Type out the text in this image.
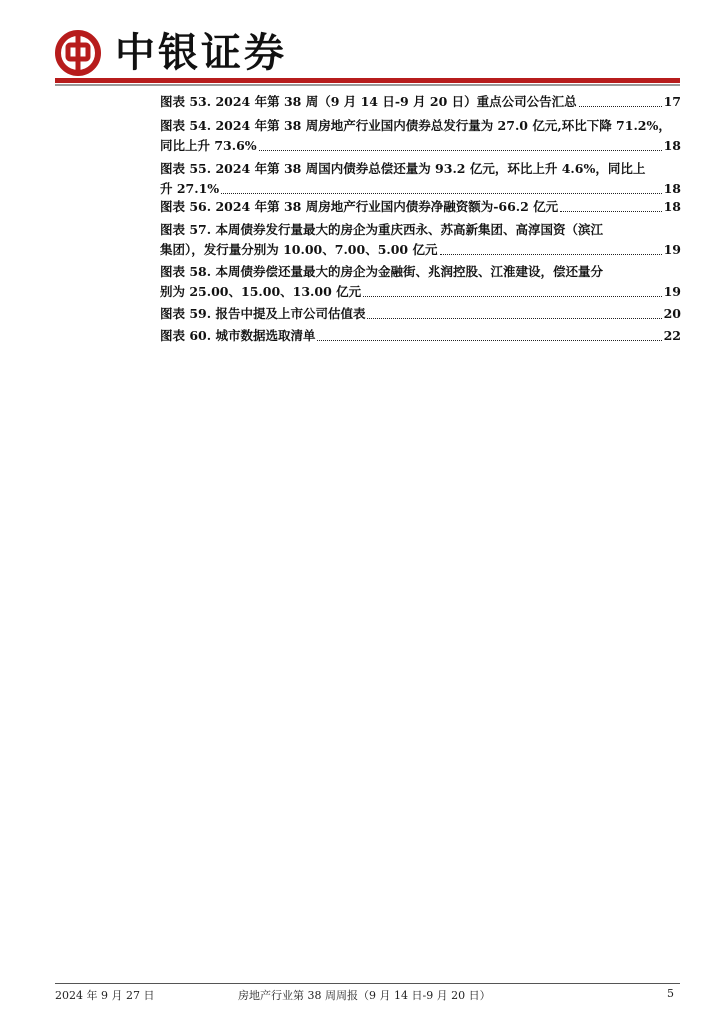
中银证券
图表 53. 2024 年第 38 周（9 月 14 日-9 月 20 日）重点公司公告汇总	17
图表 54. 2024 年第 38 周房地产行业国内债券总发行量为 27.0 亿元,环比下降 71.2%，
同比上升 73.6%	18
图表 55. 2024 年第 38 周国内债券总偿还量为 93.2 亿元，环比上升 4.6%，同比上
升 27.1%	18
图表 56. 2024 年第 38 周房地产行业国内债券净融资额为-66.2 亿元	18
图表 57. 本周债券发行量最大的房企为重庆西永、苏高新集团、高淳国资（滨江
集团），发行量分别为 10.00、7.00、5.00 亿元	19
图表 58. 本周债券偿还量最大的房企为金融街、兆润控股、江淮建设，偿还量分
别为 25.00、15.00、13.00 亿元	19
图表 59. 报告中提及上市公司估值表	20
图表 60. 城市数据选取清单	22
2024 年 9 月 27 日	房地产行业第 38 周周报（9 月 14 日-9 月 20 日）	5
